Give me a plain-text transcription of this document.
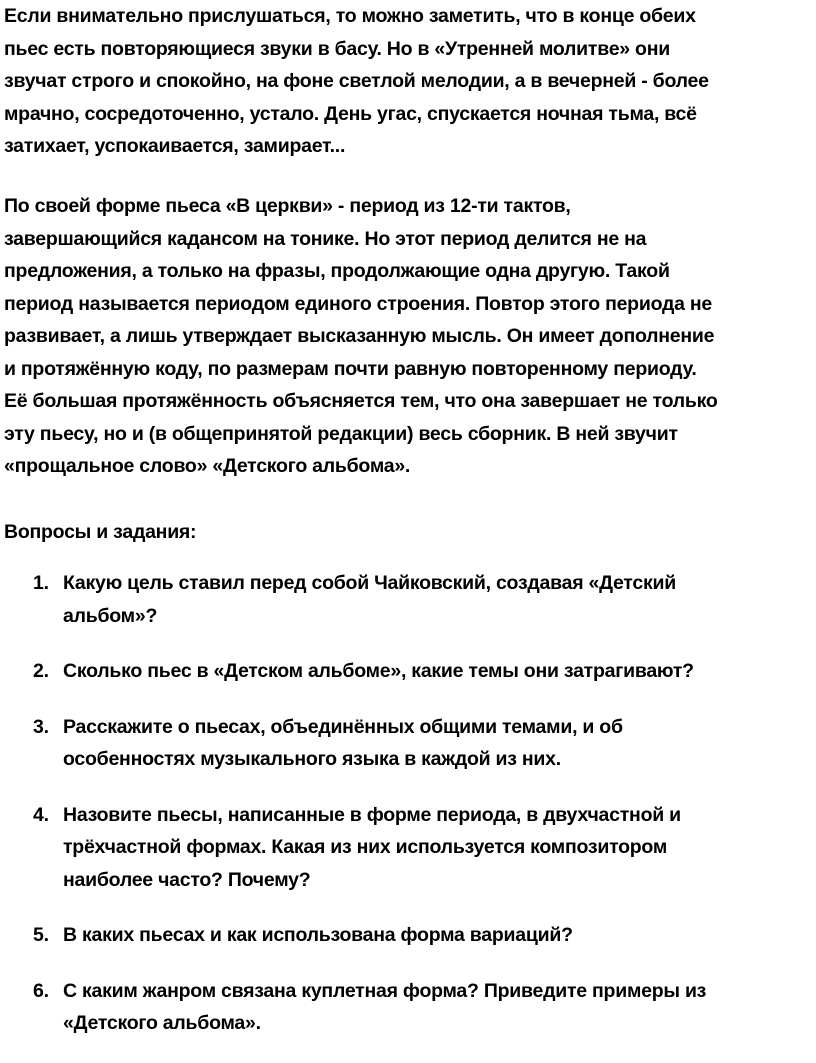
Если внимательно прислушаться, то можно заметить, что в конце обеих
пьес есть повторяющиеся звуки в басу. Но в «Утренней молитве» они
звучат строго и спокойно, на фоне светлой мелодии, а в вечерней - более
мрачно, сосредоточенно, устало. День угас, спускается ночная тьма, всё
затихает, успокаивается, замирает...

По своей форме пьеса «В церкви» - период из 12-ти тактов,
завершающийся кадансом на тонике. Но этот период делится не на
предложения, а только на фразы, продолжающие одна другую. Такой
период называется периодом единого строения. Повтор этого периода не
развивает, а лишь утверждает высказанную мысль. Он имеет дополнение
и протяжённую коду, по размерам почти равную повторенному периоду.
Её большая протяжённость объясняется тем, что она завершает не только
эту пьесу, но и (в общепринятой редакции) весь сборник. В ней звучит
«прощальное слово» «Детского альбома».

Вопросы и задания:

1. Какую цель ставил перед собой Чайковский, создавая «Детский
альбом»?
2. Сколько пьес в «Детском альбоме», какие темы они затрагивают?
3. Расскажите о пьесах, объединённых общими темами, и об
особенностях музыкального языка в каждой из них.
4. Назовите пьесы, написанные в форме периода, в двухчастной и
трёхчастной формах. Какая из них используется композитором
наиболее часто? Почему?
5. В каких пьесах и как использована форма вариаций?
6. С каким жанром связана куплетная форма? Приведите примеры из
«Детского альбома».
